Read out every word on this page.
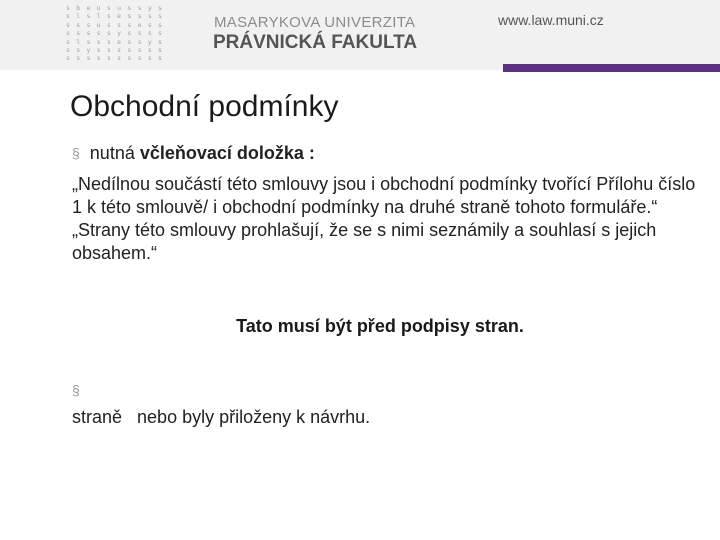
s b e u s u s s y s
s l s l s e s s s s
s s s u s s s e s s
s s s s s y s s s s
s l s s s e s s y s
s s y s s s s s s s
s s s s s s s s s s
MASARYKOVA UNIVERZITA
PRÁVNICKÁ FAKULTA
www.law.muni.cz
Obchodní podmínky
§ nutná včleňovací doložka :
„Nedílnou součástí této smlouvy jsou i obchodní podmínky tvořící Přílohu číslo 1 k této smlouvě/ i obchodní podmínky na druhé straně tohoto formuláře.“ „Strany této smlouvy prohlašují, že se s nimi seznámily a souhlasí s jejich obsahem.“
Tato musí být před podpisy stran.
§
straně   nebo byly přiloženy k návrhu.
